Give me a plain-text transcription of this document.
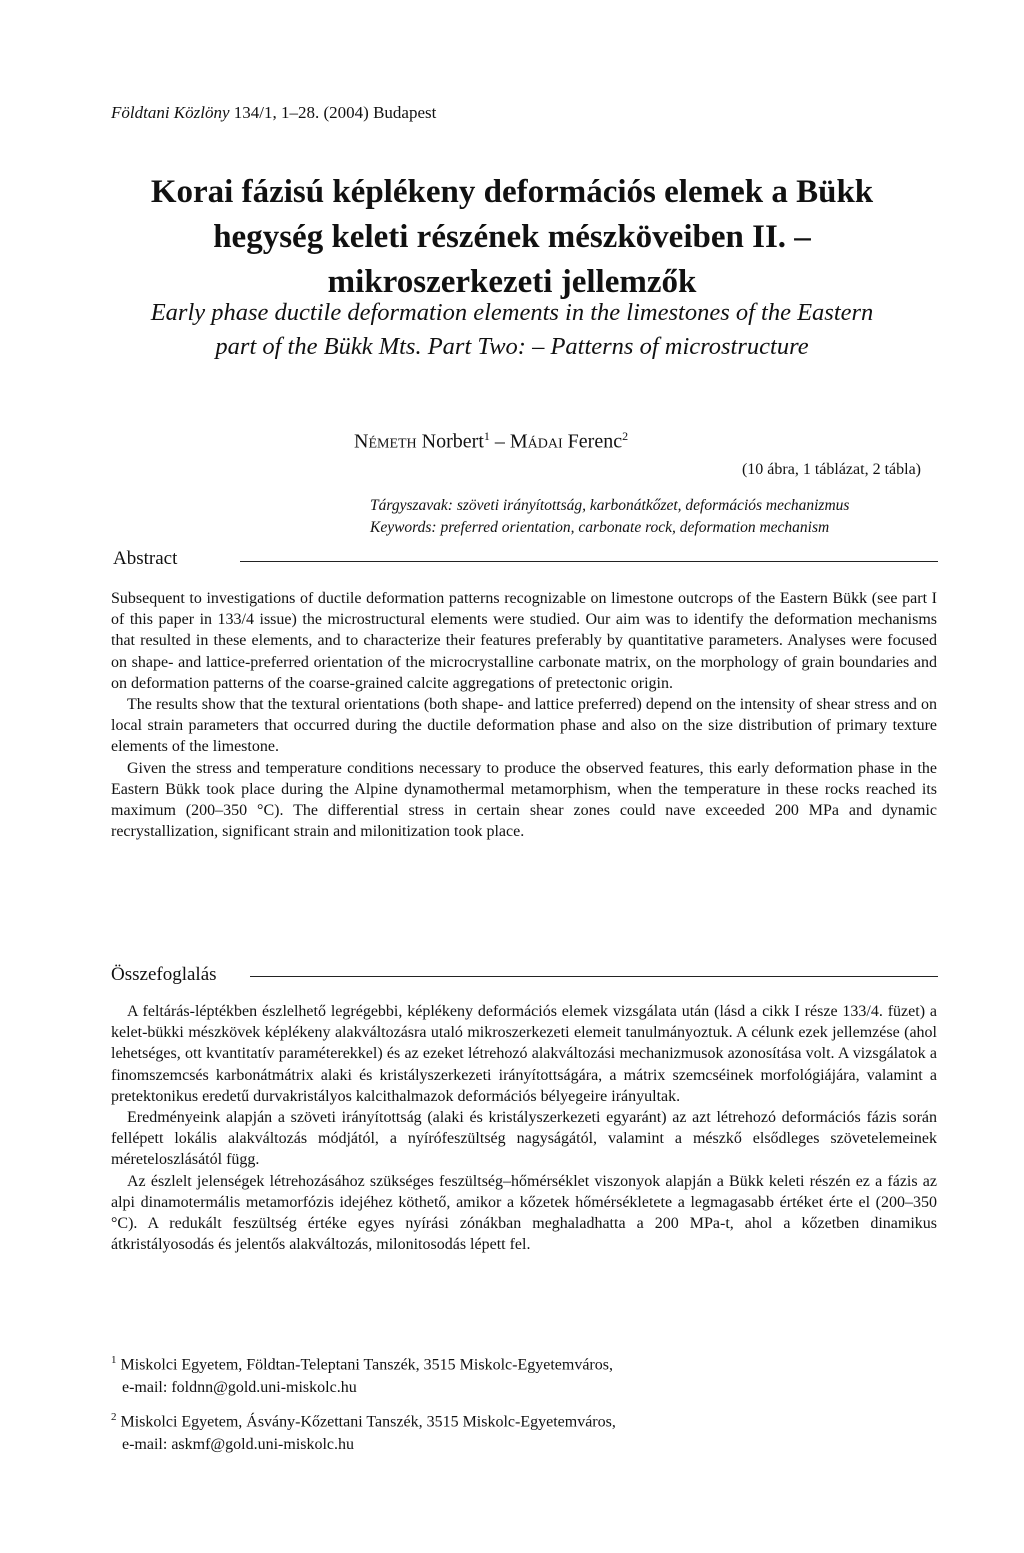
Földtani Közlöny 134/1, 1–28. (2004) Budapest
Korai fázisú képlékeny deformációs elemek a Bükk
hegység keleti részének mészköveiben II. –
mikroszerkezeti jellemzők
Early phase ductile deformation elements in the limestones of the Eastern
part of the Bükk Mts. Part Two: – Patterns of microstructure
Németh Norbert$^1$ – Mádai Ferenc$^2$
(10 ábra, 1 táblázat, 2 tábla)
Tárgyszavak: szöveti irányítottság, karbonátkőzet, deformációs mechanizmus
Keywords: preferred orientation, carbonate rock, deformation mechanism
Abstract

Subsequent to investigations of ductile deformation patterns recognizable on limestone outcrops of the Eastern Bükk (see part I of this paper in 133/4 issue) the microstructural elements were studied. Our aim was to identify the deformation mechanisms that resulted in these elements, and to characterize their features preferably by quantitative parameters. Analyses were focused on shape- and lattice-preferred orientation of the microcrystalline carbonate matrix, on the morphology of grain boundaries and on deformation patterns of the coarse-grained calcite aggregations of pretectonic origin.

The results show that the textural orientations (both shape- and lattice preferred) depend on the intensity of shear stress and on local strain parameters that occurred during the ductile deformation phase and also on the size distribution of primary texture elements of the limestone.

Given the stress and temperature conditions necessary to produce the observed features, this early deformation phase in the Eastern Bükk took place during the Alpine dynamothermal metamorphism, when the temperature in these rocks reached its maximum (200–350 °C). The differential stress in certain shear zones could nave exceeded 200 MPa and dynamic recrystallization, significant strain and milonitization took place.

Összefoglalás

A feltárás-léptékben észlelhető legrégebbi, képlékeny deformációs elemek vizsgálata után (lásd a cikk I része 133/4. füzet) a kelet-bükki mészkövek képlékeny alakváltozásra utaló mikroszerkezeti elemeit tanulmányoztuk. A célunk ezek jellemzése (ahol lehetséges, ott kvantitatív paraméterekkel) és az ezeket létrehozó alakváltozási mechanizmusok azonosítása volt. A vizsgálatok a finomszemcsés karbonátmátrix alaki és kristályszerkezeti irányítottságára, a mátrix szemcséinek morfológiájára, valamint a pretektonikus eredetű durvakristályos kalcithalmazok deformációs bélyegeire irányultak.

Eredményeink alapján a szöveti irányítottság (alaki és kristályszerkezeti egyaránt) az azt létrehozó deformációs fázis során fellépett lokális alakváltozás módjától, a nyírófeszültség nagyságától, valamint a mészkő elsődleges szövetelemeinek méreteloszlásától függ.

Az észlelt jelenségek létrehozásához szükséges feszültség–hőmérséklet viszonyok alapján a Bükk keleti részén ez a fázis az alpi dinamotermális metamorfózis idejéhez köthető, amikor a kőzetek hőmérsékletete a legmagasabb értéket érte el (200–350 °C). A redukált feszültség értéke egyes nyírási zónákban meghaladhatta a 200 MPa-t, ahol a kőzetben dinamikus átkristályosodás és jelentős alakváltozás, milonitosodás lépett fel.

$^1$ Miskolci Egyetem, Földtan-Teleptani Tanszék, 3515 Miskolc-Egyetemváros,
e-mail: foldnn@gold.uni-miskolc.hu
$^2$ Miskolci Egyetem, Ásvány-Kőzettani Tanszék, 3515 Miskolc-Egyetemváros,
e-mail: askmf@gold.uni-miskolc.hu
